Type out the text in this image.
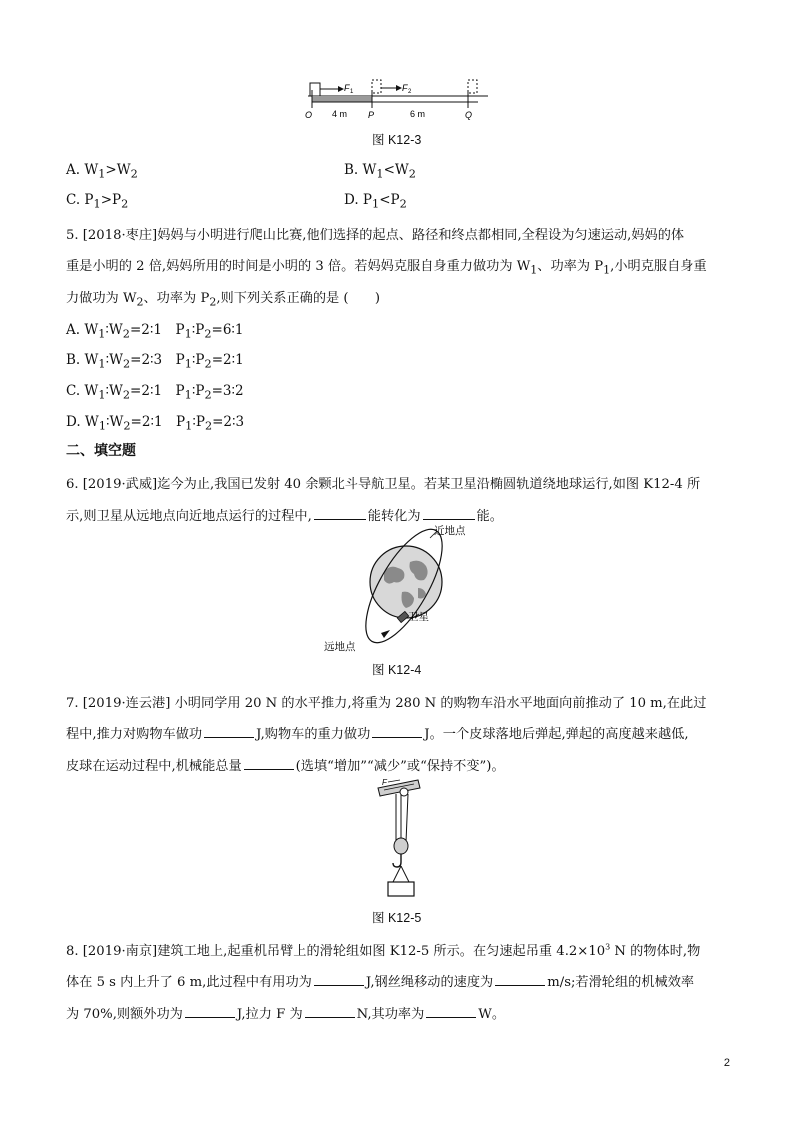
F 1	F 2
O 4 m P	6 m	Q
图 K12-3
A. $W_1>W_2$	B. $W_1<W_2$
C. $P_1>P_2$	D. $P_1<P_2$
5. [2018·枣庄]妈妈与小明进行爬山比赛,他们选择的起点、路径和终点都相同,全程设为匀速运动,妈妈的体
重是小明的 2 倍,妈妈所用的时间是小明的 3 倍。若妈妈克服自身重力做功为 $W_1$、功率为 $P_1$,小明克服自身重
力做功为 $W_2$、功率为 $P_2$,则下列关系正确的是 (　　)
A. $W_1∶W_2=2∶1$　$P_1∶P_2=6∶1$
B. $W_1∶W_2=2∶3$　$P_1∶P_2=2∶1$
C. $W_1∶W_2=2∶1$　$P_1∶P_2=3∶2$
D. $W_1∶W_2=2∶1$　$P_1∶P_2=2∶3$
二、填空题
6. [2019·武威]迄今为止,我国已发射 40 余颗北斗导航卫星。若某卫星沿椭圆轨道绕地球运行,如图 K12-4 所
示,则卫星从远地点向近地点运行的过程中,	能转化为	能。
近地点
卫星
远地点
图 K12-4
7. [2019·连云港] 小明同学用 20 N 的水平推力,将重为 280 N 的购物车沿水平地面向前推动了 10 m,在此过
程中,推力对购物车做功	J,购物车的重力做功	J。一个皮球落地后弹起,弹起的高度越来越低,
皮球在运动过程中,机械能总量	(选填“增加”“减少”或“保持不变”)。
F
图 K12-5
8. [2019·南京]建筑工地上,起重机吊臂上的滑轮组如图 K12-5 所示。在匀速起吊重 $4.2\times 10^3$ N 的物体时,物
体在 5 s 内上升了 6 m,此过程中有用功为	J,钢丝绳移动的速度为	m/s;若滑轮组的机械效率
为 70%,则额外功为	J,拉力 F 为	N,其功率为	W。
2
